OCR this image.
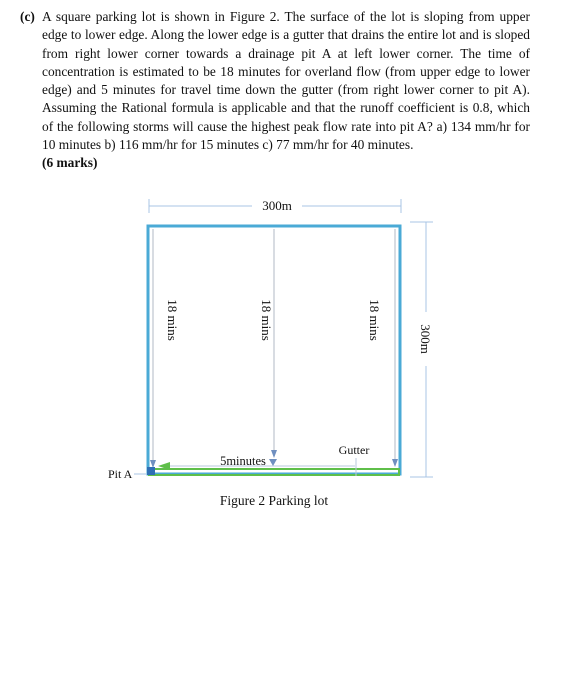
(c) A square parking lot is shown in Figure 2. The surface of the lot is sloping from upper edge to lower edge. Along the lower edge is a gutter that drains the entire lot and is sloped from right lower corner towards a drainage pit A at left lower corner. The time of concentration is estimated to be 18 minutes for overland flow (from upper edge to lower edge) and 5 minutes for travel time down the gutter (from right lower corner to pit A). Assuming the Rational formula is applicable and that the runoff coefficient is 0.8, which of the following storms will cause the highest peak flow rate into pit A? a) 134 mm/hr for 10 minutes b) 116 mm/hr for 15 minutes c) 77 mm/hr for 40 minutes.
(6 marks)
300m
300m
18 mins	18 mins	18 mins
5minutes
Gutter
Pit A
Figure 2 Parking lot
